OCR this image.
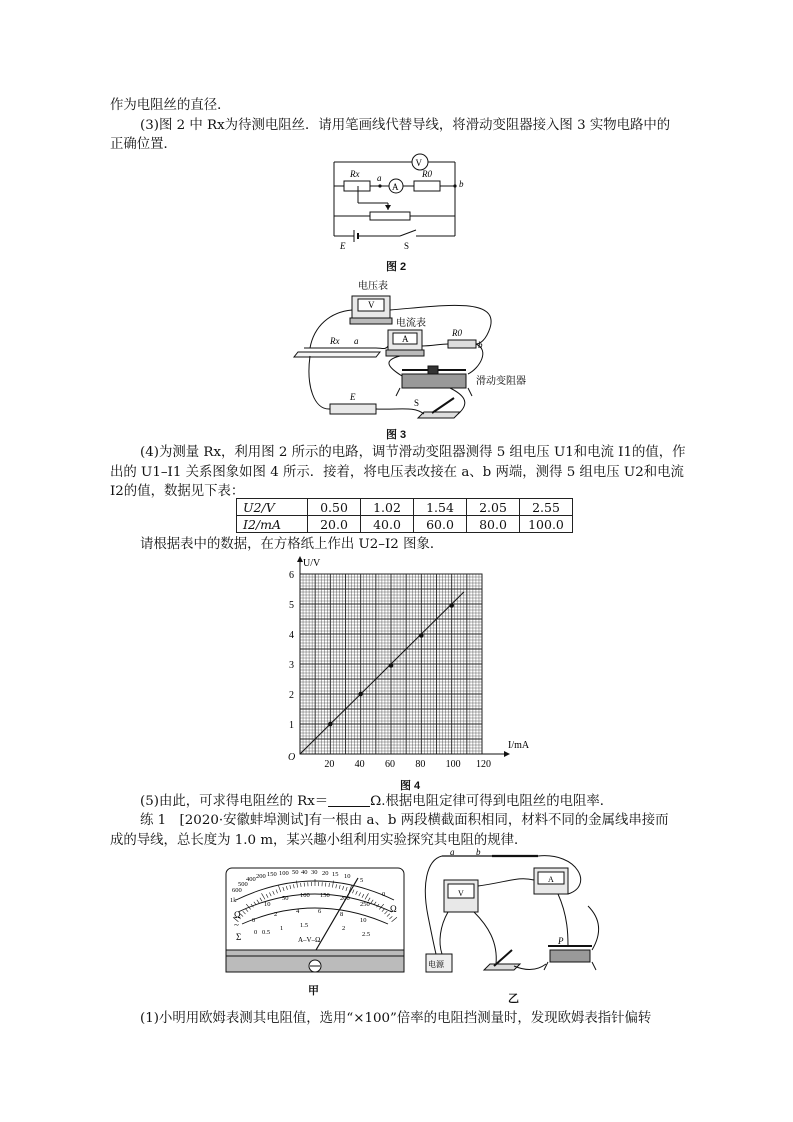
作为电阻丝的直径．
(3)图 2 中 Rx为待测电阻丝．请用笔画线代替导线，将滑动变阻器接入图 3 实物电路中的
正确位置．
V
A
Rx a	R0
b
E	S
图 2
电压表
电流表
V
A
Rx a
R0
b
滑动变阻器
E
S
图 3
(4)为测量 Rx，利用图 2 所示的电路，调节滑动变阻器测得 5 组电压 U1和电流 I1的值，作
出的 U1–I1 关系图象如图 4 所示．接着，将电压表改接在 a、b 两端，测得 5 组电压 U2和电流
I2的值，数据见下表：
U2/V	0.50	1.02	1.54	2.05	2.55
I2/mA	20.0	40.0	60.0	80.0	100.0
请根据表中的数据，在方格纸上作出 U2–I2 图象．
20 40 60 80 100 120
1
2
3
4
5
6
O
I/mA
U/V
图 4
(5)由此，可求得电阻丝的 Rx＝	Ω.根据电阻定律可得到电阻丝的电阻率．
练 1　[2020·安徽蚌埠测试]有一根由 a、b 两段横截面积相同，材料不同的金属线串接而
成的导线，总长度为 1.0 m，某兴趣小组利用实验探究其电阻的规律．
600
1k
500
400 200 150 100 50 40 30 20 15 10
5
0
10
50 100 150 200
250
0
2	4	6	8
10
0 0.5
1	1.5	2
2.5
Ω
Ω
~
Σ	A–V–Ω
甲
a b
V
A
P
电源
乙
(1)小明用欧姆表测其电阻值，选用“×100”倍率的电阻挡测量时，发现欧姆表指针偏转
